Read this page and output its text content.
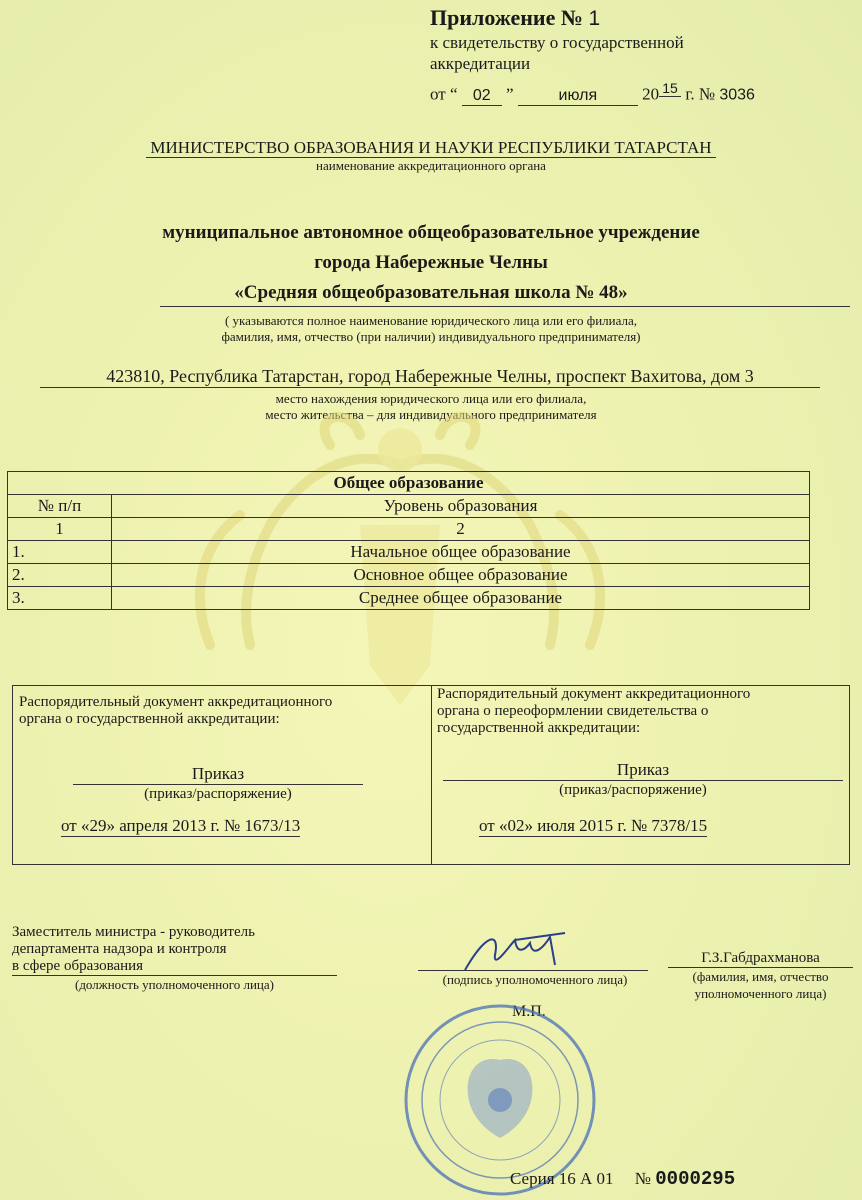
Приложение № 1
к свидетельству о государственной
аккредитации
от “ 02 ”	июля	20 $^{15}$ г. № 3036
МИНИСТЕРСТВО ОБРАЗОВАНИЯ И НАУКИ РЕСПУБЛИКИ ТАТАРСТАН
наименование аккредитационного органа
муниципальное автономное общеобразовательное учреждение
города Набережные Челны
«Средняя общеобразовательная школа № 48»
( указываются полное наименование юридического лица или его филиала,
фамилия, имя, отчество (при наличии) индивидуального предпринимателя)
423810, Республика Татарстан, город Набережные Челны, проспект Вахитова, дом 3
место нахождения юридического лица или его филиала,
место жительства – для индивидуального предпринимателя
Общее образование	
№ п/п	Уровень образования
1	2
1.	Начальное общее образование
2.	Основное общее образование
3.	Среднее общее образование
Распорядительный документ аккредитационного
органа о государственной аккредитации:
Приказ
(приказ/распоряжение)
от «29» апреля 2013 г. № 1673/13
Распорядительный документ аккредитационного
органа о переоформлении свидетельства о
государственной аккредитации:
Приказ
(приказ/распоряжение)
от «02» июля 2015 г. № 7378/15
Заместитель министра - руководитель
департамента надзора и контроля
в сфере образования
(должность уполномоченного лица)	(подпись уполномоченного лица)
Г.З.Габдрахманова
(фамилия, имя, отчество
уполномоченного лица)
М.П.
Серия 16 А 01 № 0000295
